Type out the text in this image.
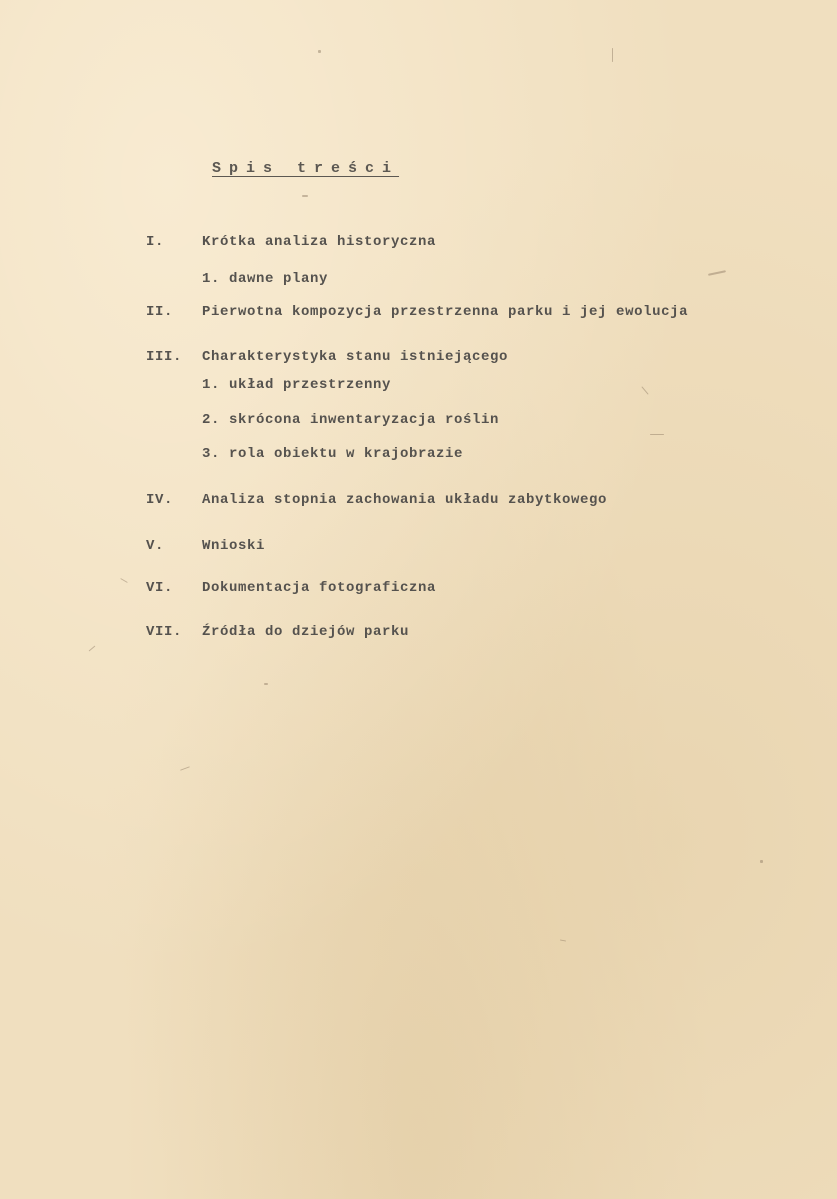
Spis treści
I.	Krótka analiza historyczna
1. dawne plany
II. Pierwotna kompozycja przestrzenna parku i jej ewolucja
III. Charakterystyka stanu istniejącego
1. układ przestrzenny
2. skrócona inwentaryzacja roślin
3. rola obiektu w krajobrazie
IV. Analiza stopnia zachowania układu zabytkowego
V.	Wnioski
VI. Dokumentacja fotograficzna
VII. Źródła do dziejów parku
